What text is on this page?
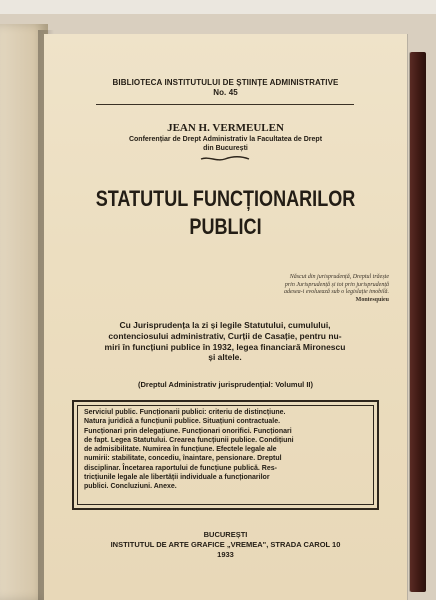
BIBLIOTECA INSTITUTULUI DE ȘTIINȚE ADMINISTRATIVE
No. 45
JEAN H. VERMEULEN
Conferențiar de Drept Administrativ la Facultatea de Drept
din București
STATUTUL FUNCȚIONARILOR
PUBLICI
Născut din jurisprudență, Dreptul trăește
prin Jurisprudență și tot prin jurisprudență
adesea-i evoluează sub o legislație imobilă.
Montesquieu
Cu Jurisprudența la zi și legile Statutului, cumulului,
contenciosului administrativ, Curții de Casație, pentru nu-
miri în funcțiuni publice în 1932, legea financiară Mironescu
și altele.
(Dreptul Administrativ jurisprudențial: Volumul II)
Serviciul public. Funcționarii publici: criteriu de distincțiune.
Natura juridică a funcțiunii publice. Situațiuni contractuale.
Funcționari prin delegațiune. Funcționari onorifici. Funcționari
de fapt. Legea Statutului. Crearea funcțiunii publice. Condițiuni
de admisibilitate. Numirea în funcțiune. Efectele legale ale
numirii: stabilitate, concediu, înaintare, pensionare. Dreptul
disciplinar. Încetarea raportului de funcțiune publică. Res-
tricțiunile legale ale libertății individuale a funcționarilor
publici. Concluziuni. Anexe.
BUCUREȘTI
INSTITUTUL DE ARTE GRAFICE „VREMEA", STRADA CAROL 10
1933
